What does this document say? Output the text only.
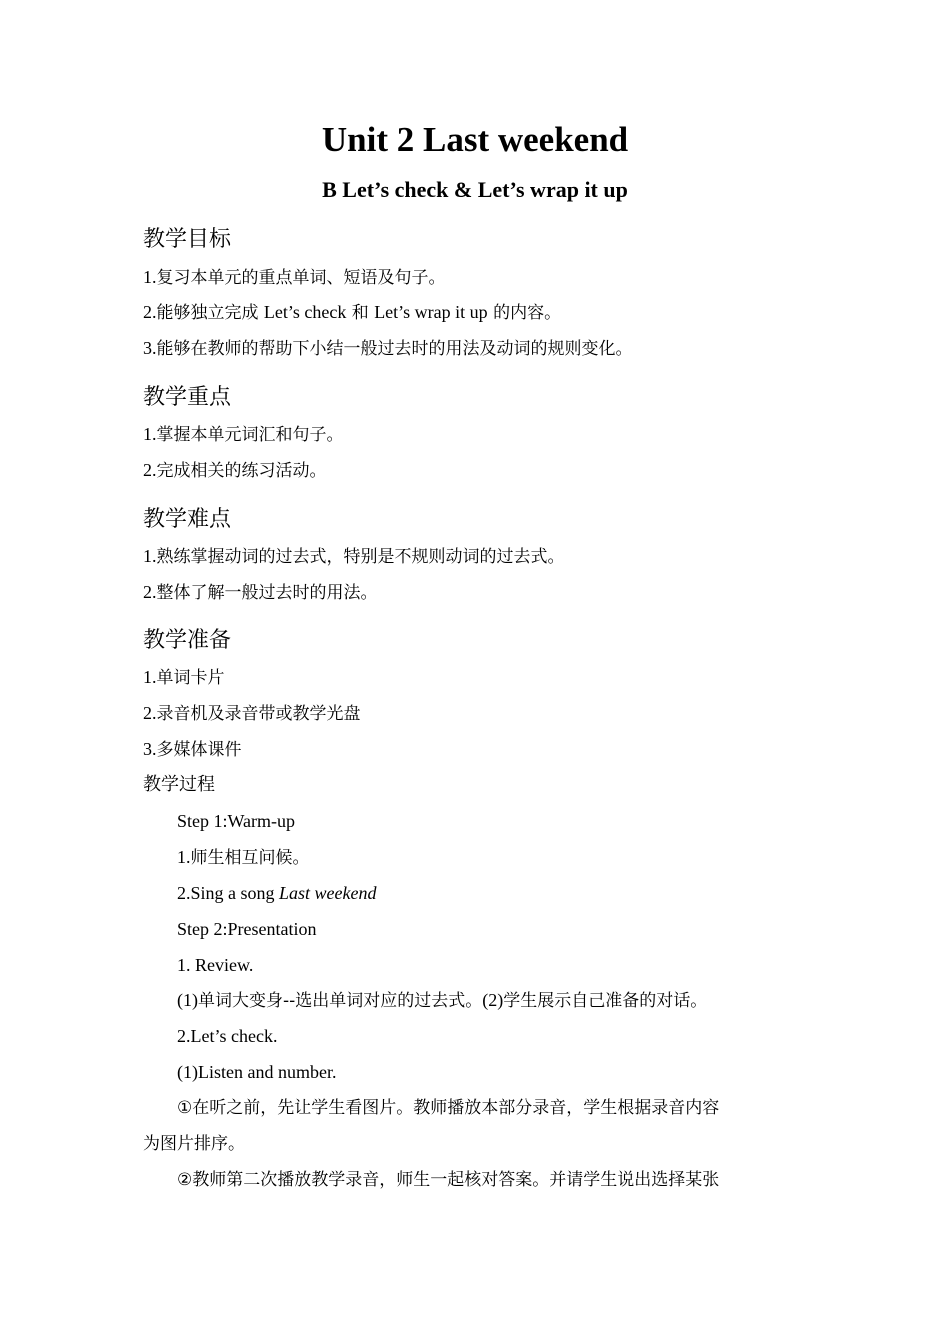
Unit 2 Last weekend
B Let’s check & Let’s wrap it up
教学目标

1.复习本单元的重点单词、短语及句子。

2.能够独立完成 Let’s check 和 Let’s wrap it up 的内容。

3.能够在教师的帮助下小结一般过去时的用法及动词的规则变化。

教学重点

1.掌握本单元词汇和句子。

2.完成相关的练习活动。

教学难点

1.熟练掌握动词的过去式，特别是不规则动词的过去式。

2.整体了解一般过去时的用法。

教学准备

1.单词卡片

2.录音机及录音带或教学光盘

3.多媒体课件

教学过程

Step 1:Warm-up

1.师生相互问候。

2.Sing a song Last weekend

Step 2:Presentation

1. Review.

(1)单词大变身--选出单词对应的过去式。(2)学生展示自己准备的对话。

2.Let’s check.

(1)Listen and number.

①在听之前，先让学生看图片。教师播放本部分录音，学生根据录音内容

为图片排序。

②教师第二次播放教学录音，师生一起核对答案。并请学生说出选择某张
